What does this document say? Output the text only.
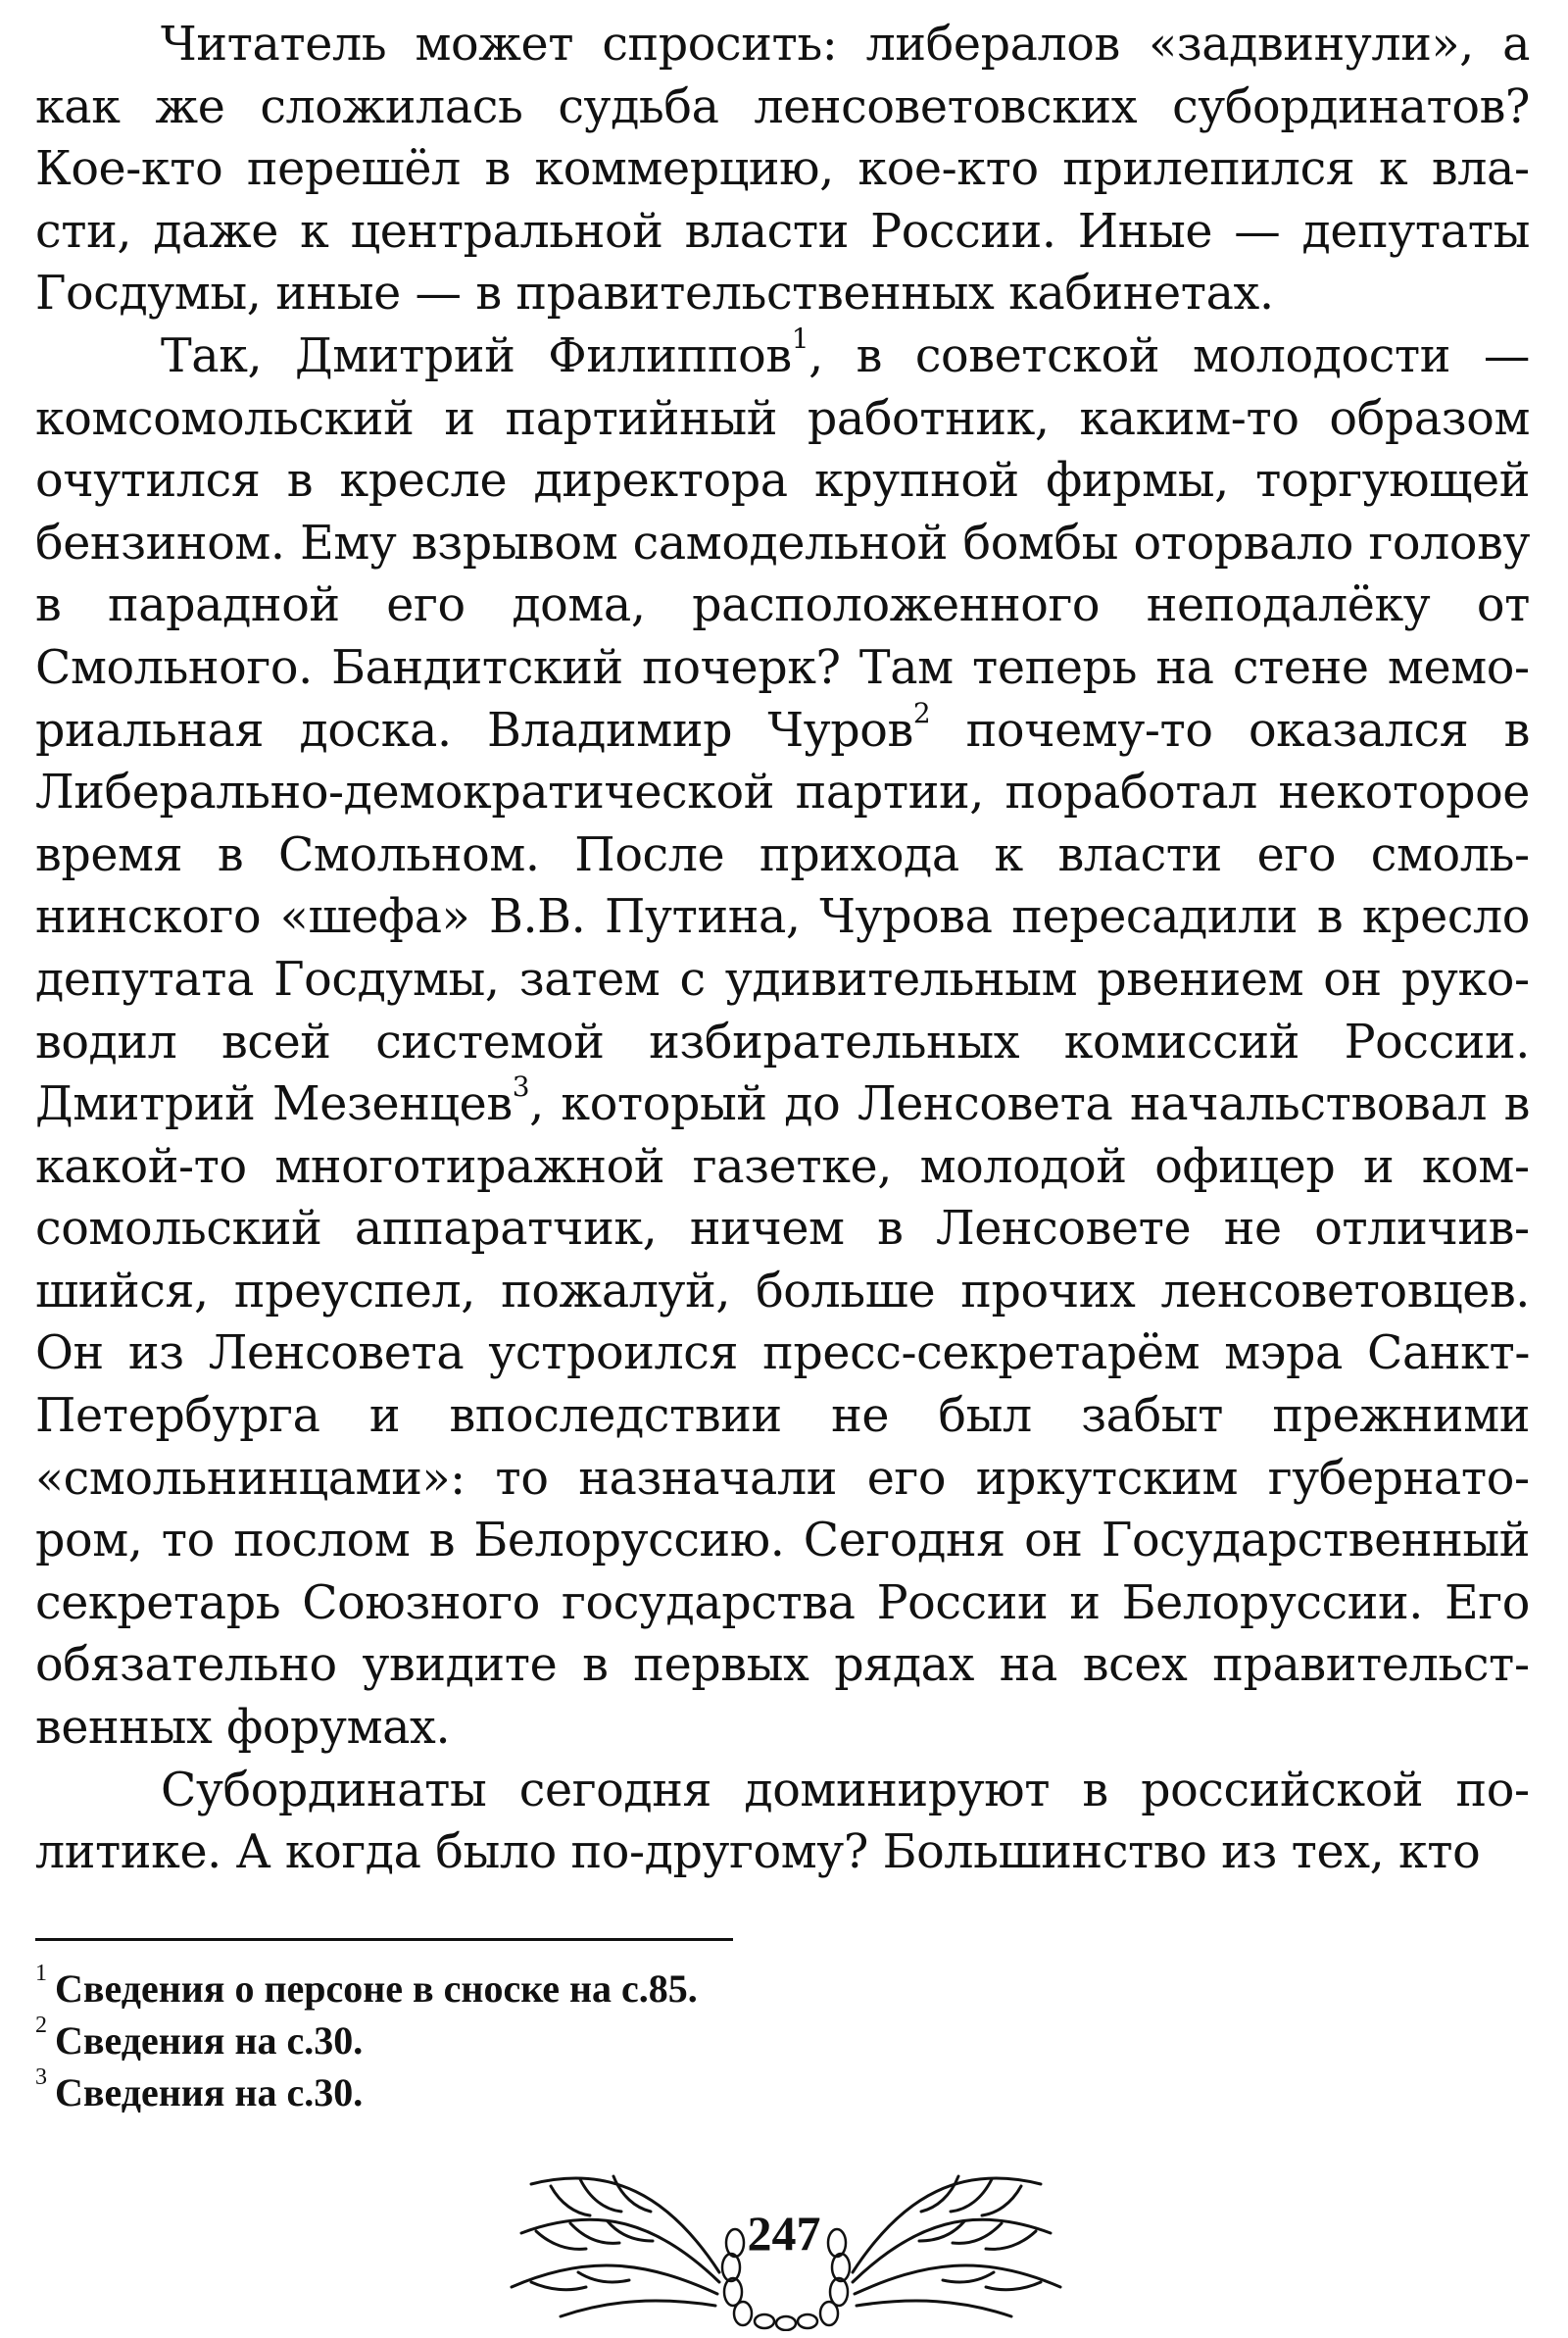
Читатель может спросить: либералов «задвинули», а как же сложилась судьба ленсоветовских субординатов? Кое-кто перешёл в коммерцию, кое-кто прилепился к власти, даже к центральной власти России. Иные — депутаты Госдумы, иные — в правительственных кабинетах.

Так, Дмитрий Филиппов$^1$, в советской молодости — комсомольский и партийный работник, каким-то образом очутился в кресле директора крупной фирмы, торгующей бензином. Ему взрывом самодельной бомбы оторвало голову в парадной его дома, расположенного неподалёку от Смольного. Бандитский почерк? Там теперь на стене мемориальная доска. Владимир Чуров$^2$ почему-то оказался в Либерально-демократической партии, поработал некоторое время в Смольном. После прихода к власти его смольнинского «шефа» В.В. Путина, Чурова пересадили в кресло депутата Госдумы, затем с удивительным рвением он руководил всей системой избирательных комиссий России. Дмитрий Мезенцев$^3$, который до Ленсовета начальствовал в какой-то многотиражной газетке, молодой офицер и комсомольский аппаратчик, ничем в Ленсовете не отличившийся, преуспел, пожалуй, больше прочих ленсоветовцев. Он из Ленсовета устроился пресс-секретарём мэра Санкт-Петербурга и впоследствии не был забыт прежними «смольнинцами»: то назначали его иркутским губернатором, то послом в Белоруссию. Сегодня он Государственный секретарь Союзного государства России и Белоруссии. Его обязательно увидите в первых рядах на всех правительственных форумах.

Субординаты сегодня доминируют в российской политике. А когда было по-другому? Большинство из тех, кто

$^1$ Сведения о персоне в сноске на с.85.
$^2$ Сведения на с.30.
$^3$ Сведения на с.30.
247
